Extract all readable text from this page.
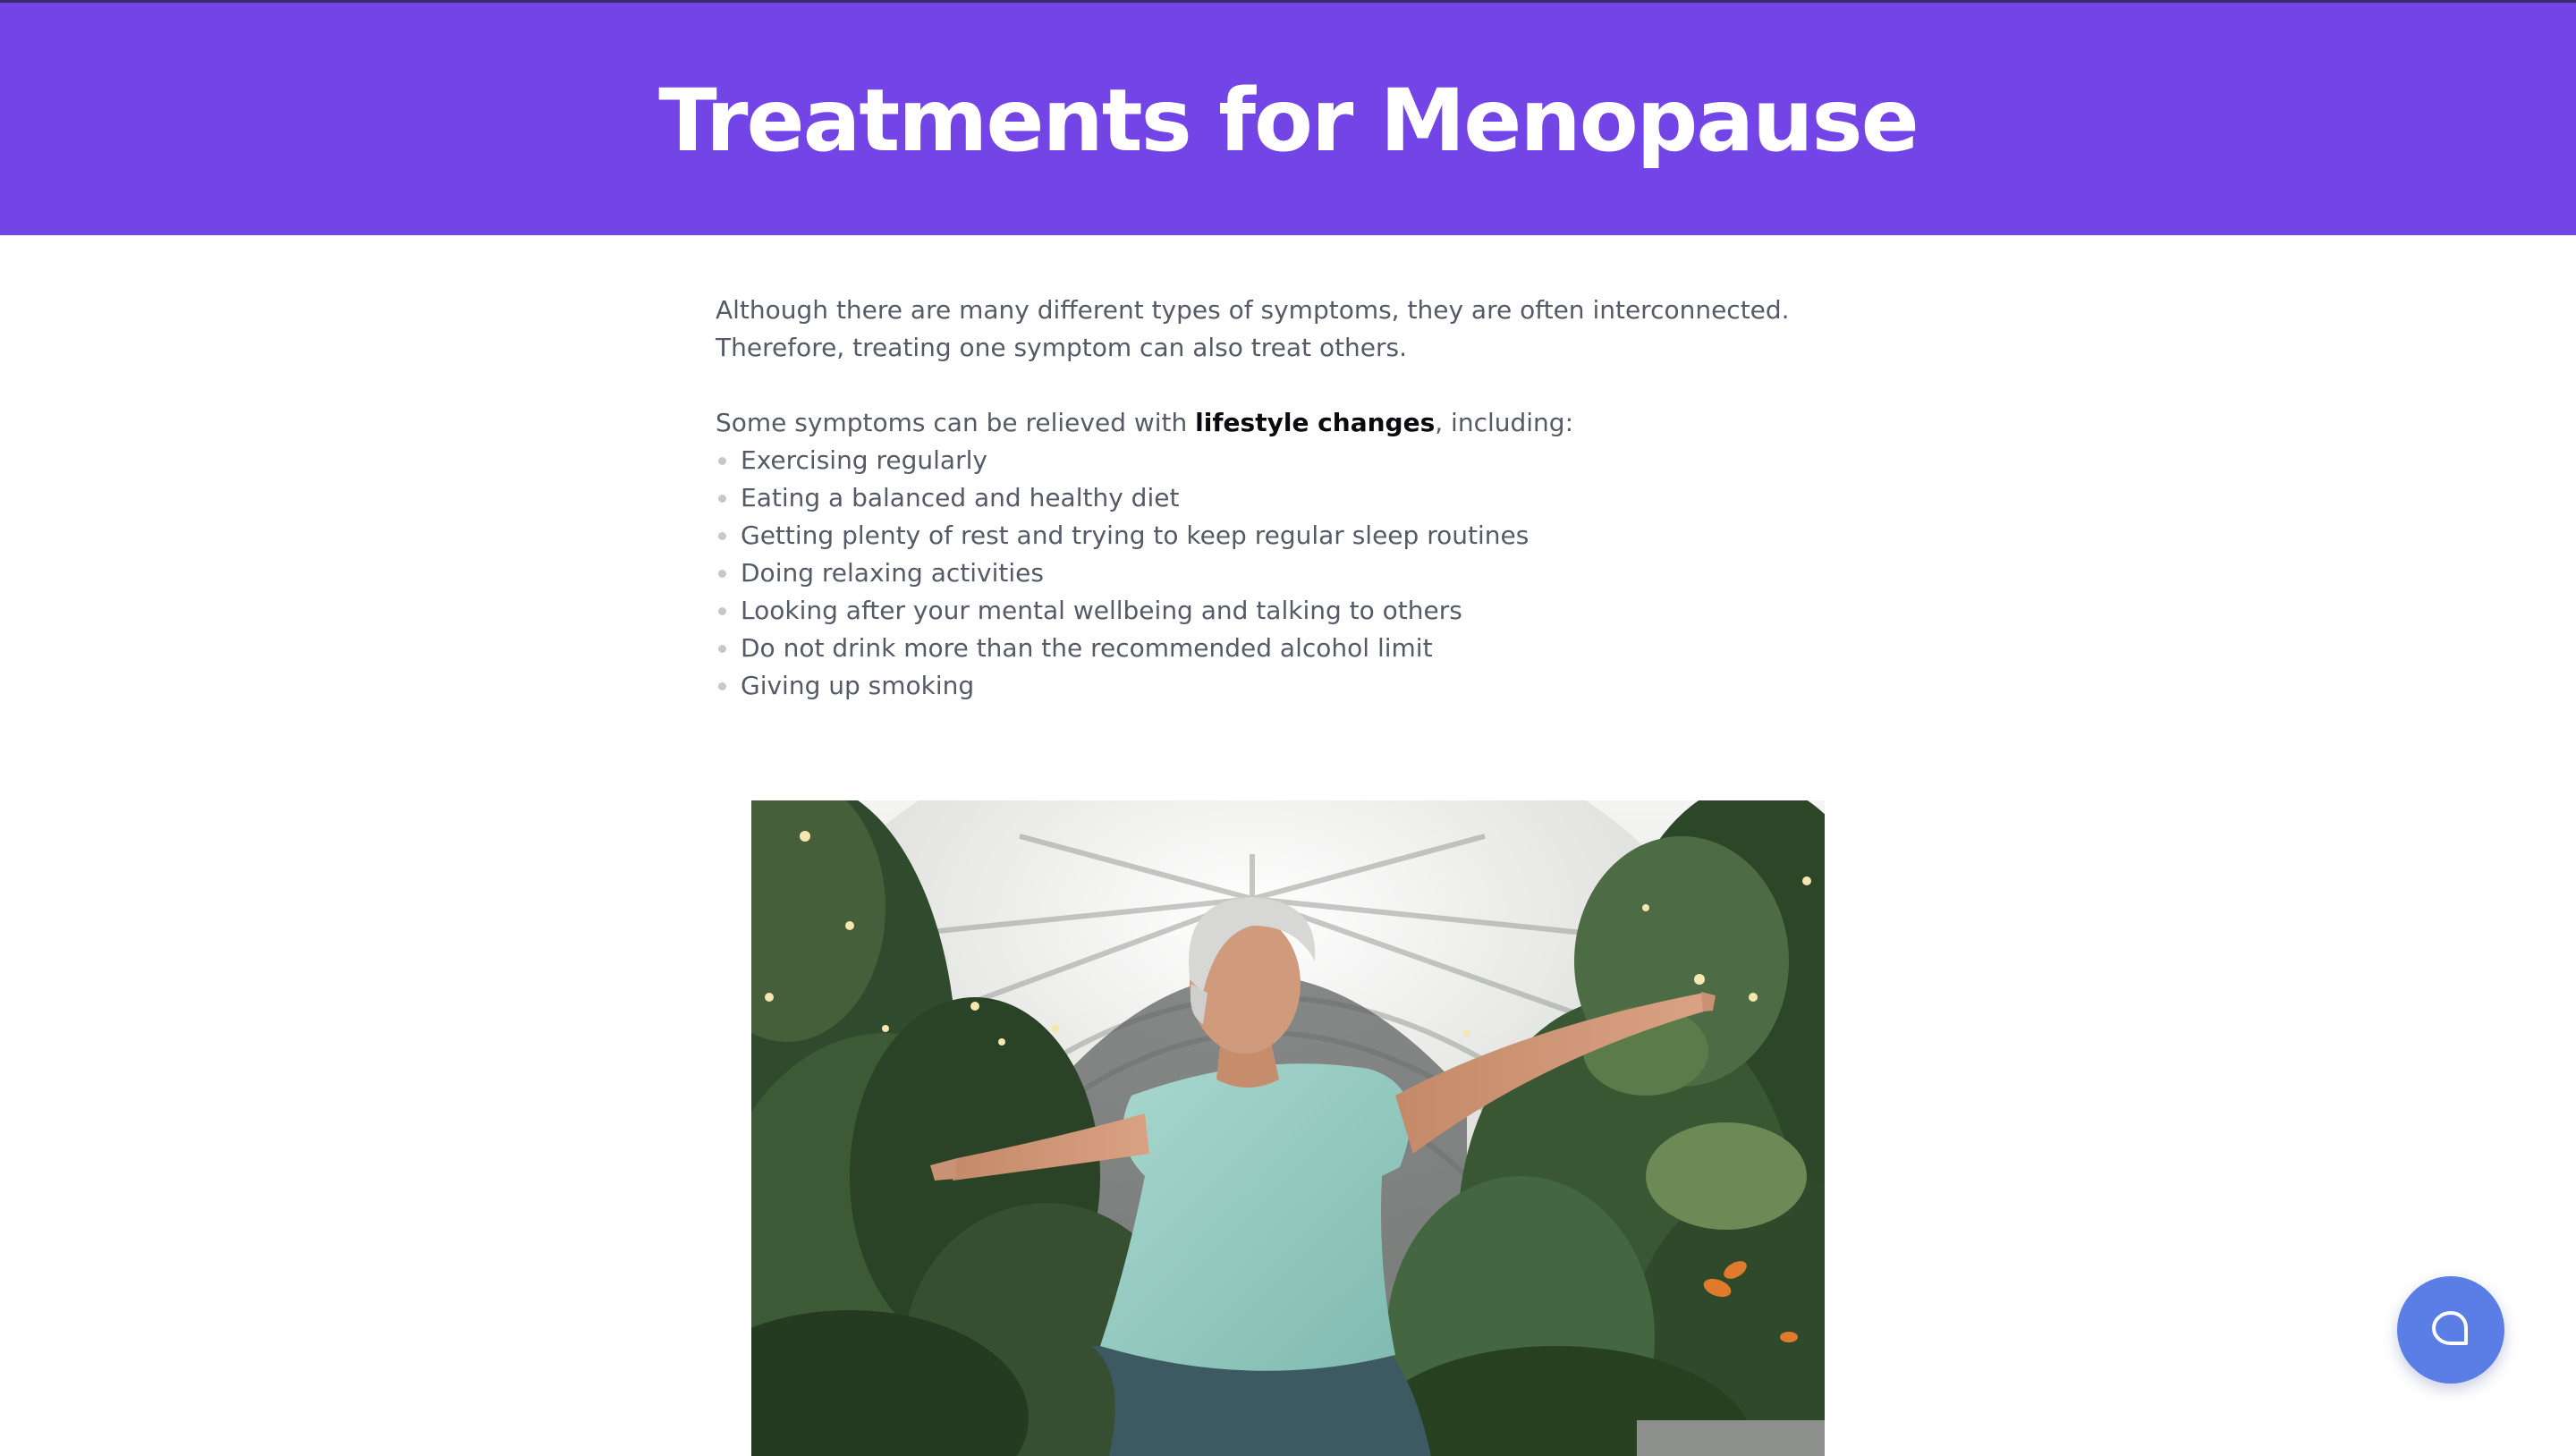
Treatments for Menopause

Although there are many different types of symptoms, they are often interconnected. Therefore, treating one symptom can also treat others.

Some symptoms can be relieved with lifestyle changes, including:

Exercising regularly
Eating a balanced and healthy diet
Getting plenty of rest and trying to keep regular sleep routines
Doing relaxing activities
Looking after your mental wellbeing and talking to others
Do not drink more than the recommended alcohol limit
Giving up smoking
